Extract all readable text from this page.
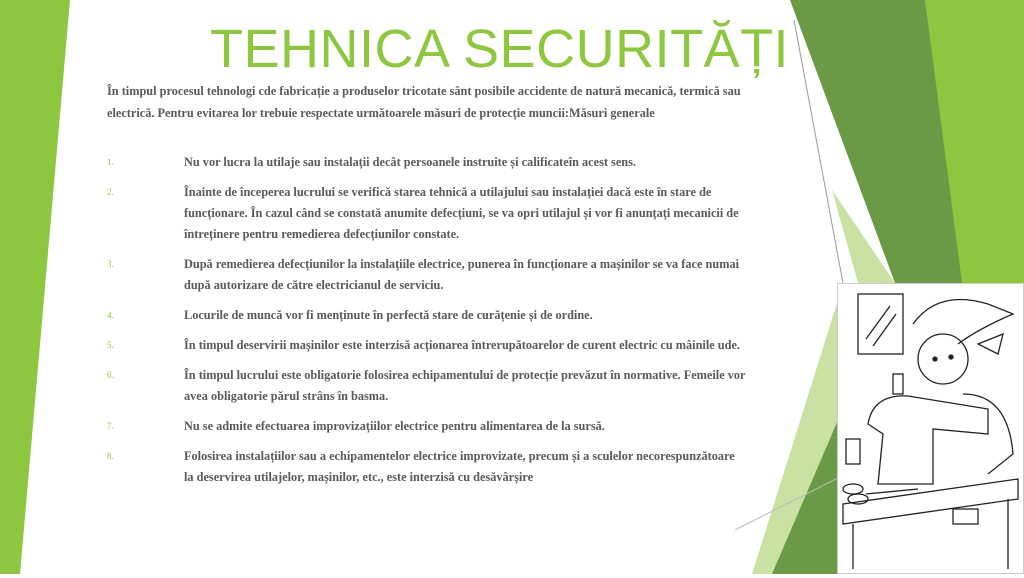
TEHNICA SECURITĂȚI
În timpul procesul tehnologi cde fabricație a produselor tricotate sânt posibile accidente de natură mecanică, termică sau electrică. Pentru evitarea lor trebuie respectate următoarele măsuri de protecție muncii:Măsuri generale
1.	Nu vor lucra la utilaje sau instalații decât persoanele instruite și calificateîn acest sens.
2.	Înainte de începerea lucrului se verifică starea tehnică a utilajului sau instalației dacă este în stare de funcționare. În cazul când se constată anumite defecțiuni, se va opri utilajul și vor fi anunțați mecanicii de întreținere pentru remedierea defecțiunilor constate.
3.	După remedierea defecțiunilor la instalațiile electrice, punerea în funcționare a mașinilor se va face numai după autorizare de către electricianul de serviciu.
4.	Locurile de muncă vor fi menținute în perfectă stare de curățenie și de ordine.
5.	În timpul deservirii mașinilor este interzisă acționarea întrerupătoarelor de curent electric cu mâinile ude.
6.	În timpul lucrului este obligatorie folosirea echipamentului de protecție prevăzut în normative. Femeile vor avea obligatorie părul strâns în basma.
7.	Nu se admite efectuarea improvizațiilor electrice pentru alimentarea de la sursă.
8.	Folosirea instalațiilor sau a echipamentelor electrice improvizate, precum și a sculelor necorespunzătoare la deservirea utilajelor, mașinilor, etc., este interzisă cu desăvârșire
